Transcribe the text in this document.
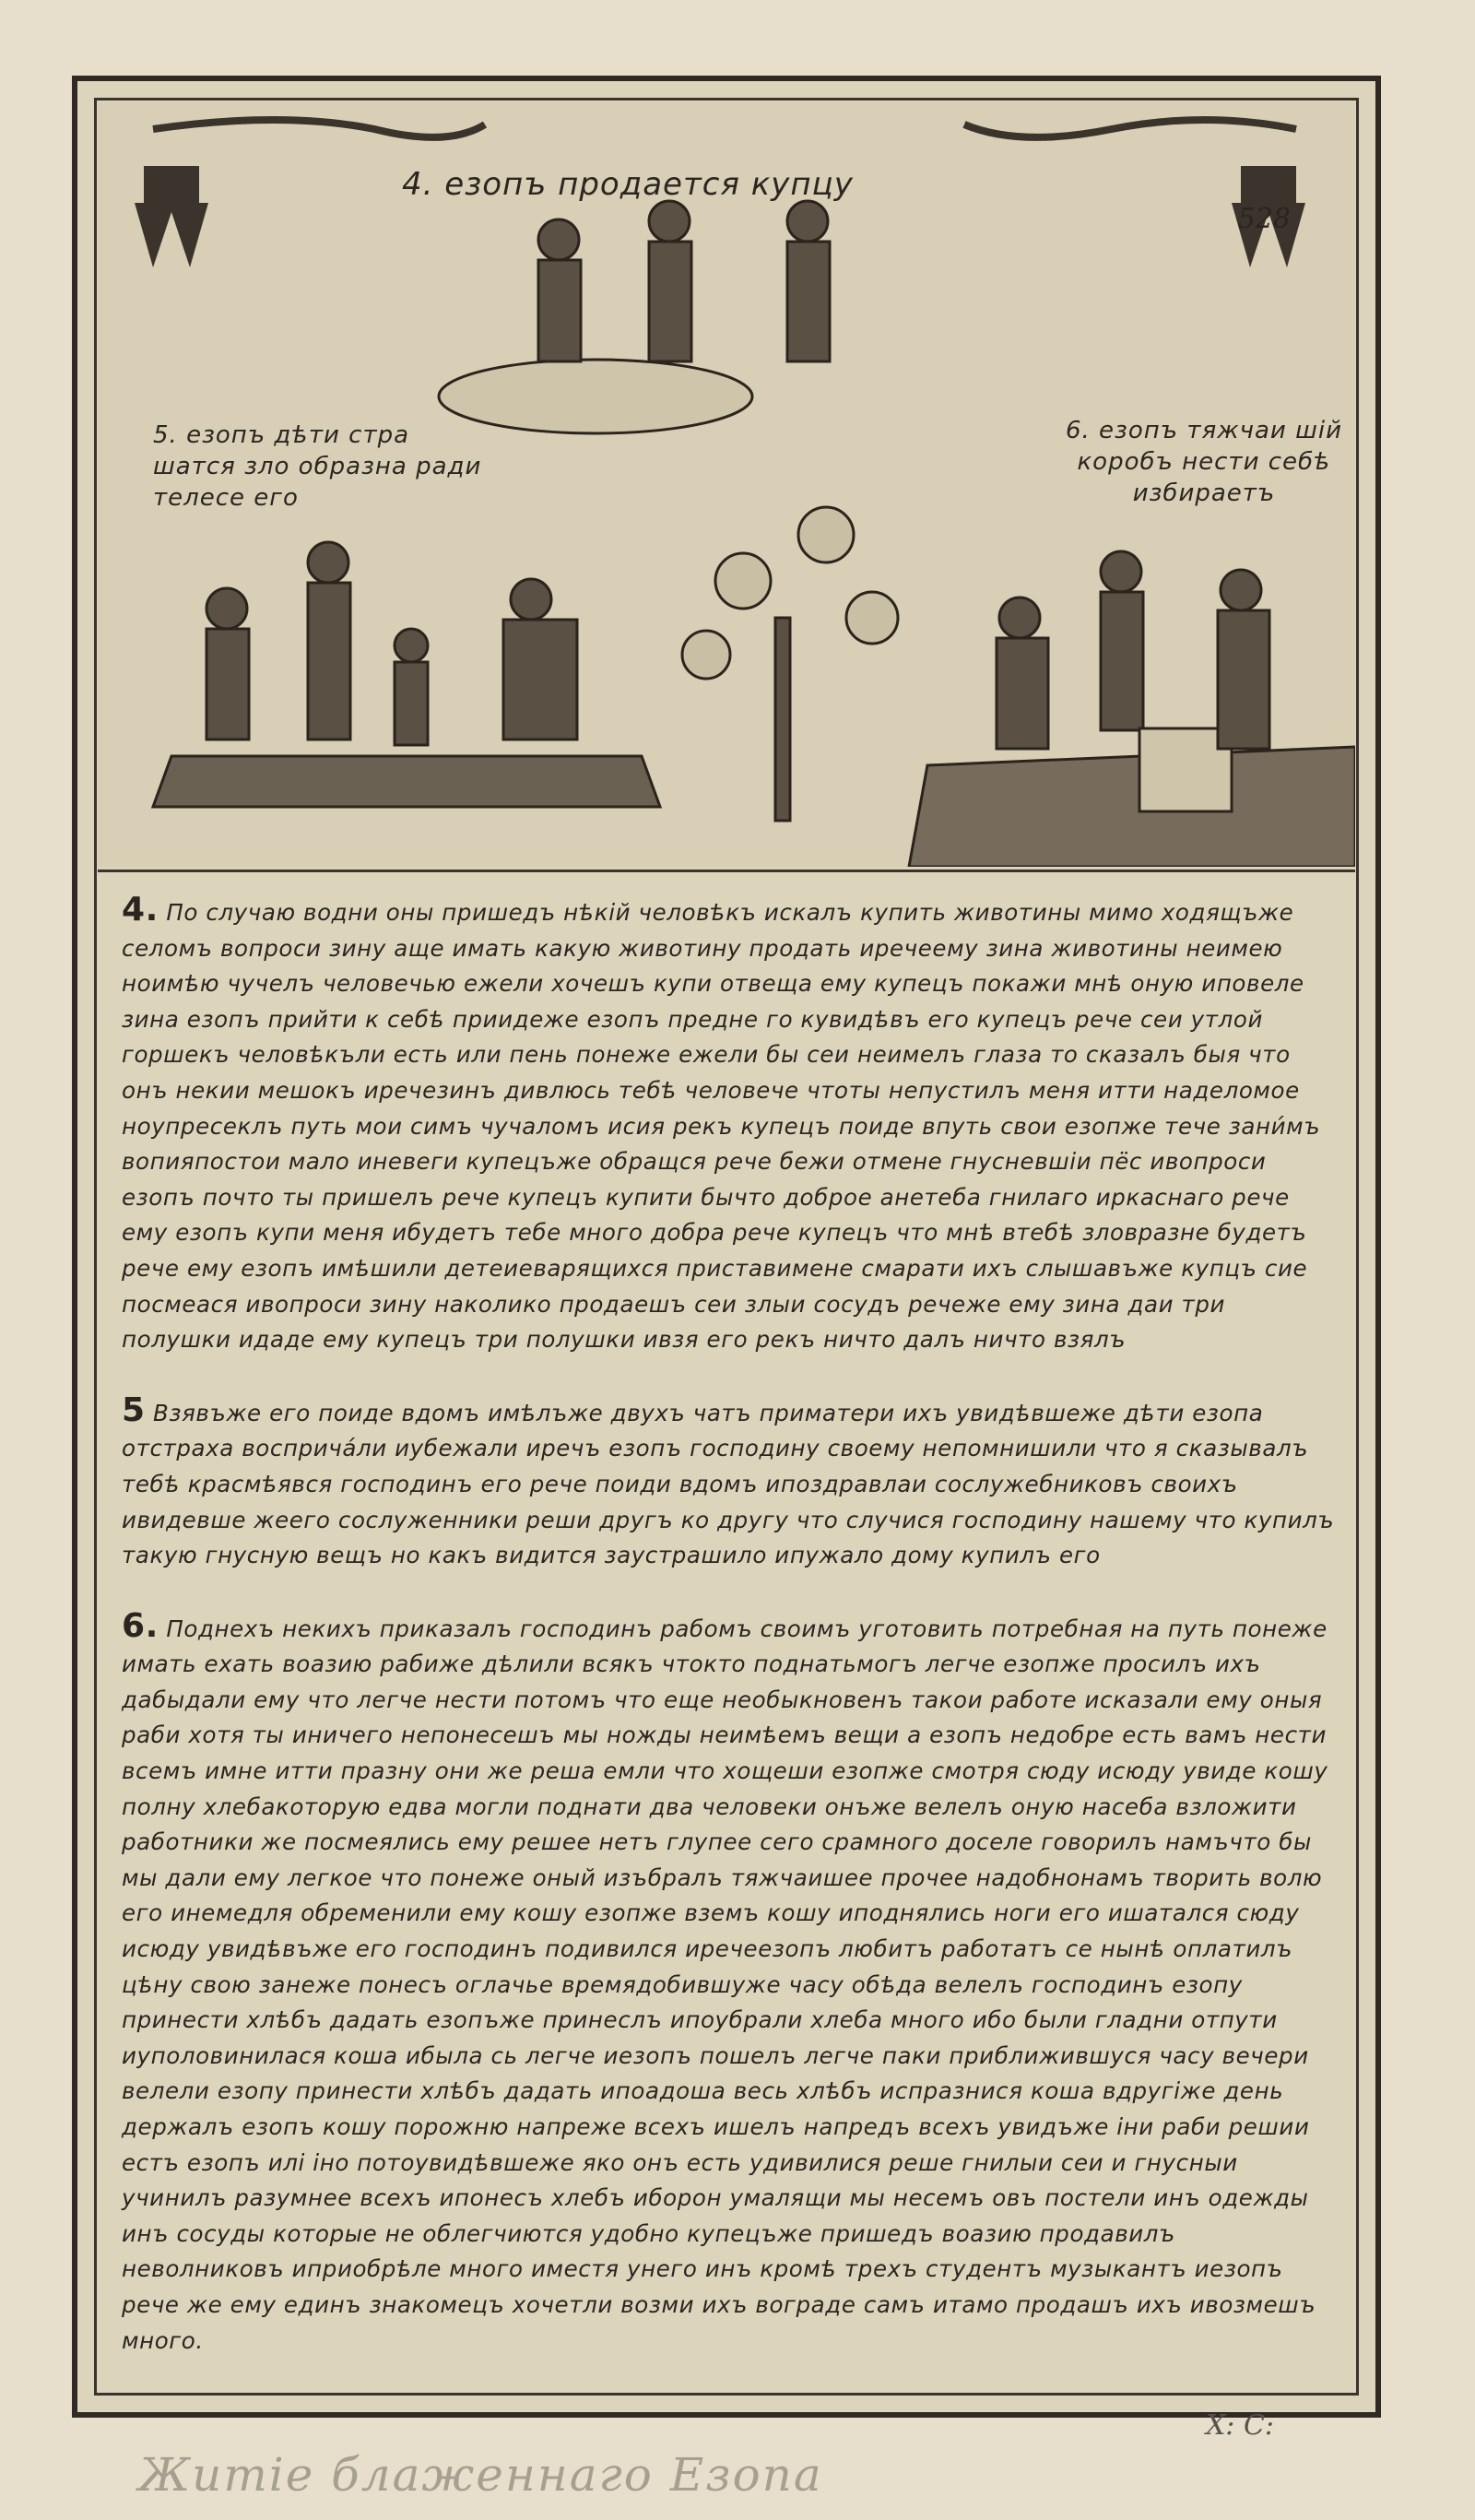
4. езопъ продается купцу
528
5. езопъ дѣти стра шатся зло образна ради телесе его
6. езопъ тяжчаи шій коробъ нести себѣ избираетъ

4. По случаю водни оны пришедъ нѣкій человѣкъ искалъ купить животины мимо ходящъже селомъ вопроси зину аще имать какую животину продать иречеему зина животины неимею ноимѣю чучелъ человечью ежели хочешъ купи отвеща ему купецъ покажи мнѣ оную иповеле зина езопъ прийти к себѣ приидеже езопъ предне го кувидѣвъ его купецъ рече сеи утлой горшекъ человѣкъли есть или пень понеже ежели бы сеи неимелъ глаза то сказалъ быя что онъ некии мешокъ иречезинъ дивлюсь тебѣ человече чтоты непустилъ меня итти наделомое ноупресеклъ путь мои симъ чучаломъ исия рекъ купецъ поиде впуть свои езопже тече зани́мъ вопияпостои мало иневеги купецъже обращся рече бежи отмене гнусневшіи пёс ивопроси езопъ почто ты пришелъ рече купецъ купити бычто доброе анетеба гнилаго иркаснаго рече ему езопъ купи меня ибудетъ тебе много добра рече купецъ что мнѣ втебѣ зловразне будетъ рече ему езопъ имѣшили детеиеварящихся приставимене смарати ихъ слышавъже купцъ сие посмеася ивопроси зину наколико продаешъ сеи злыи сосудъ речеже ему зина даи три полушки идаде ему купецъ три полушки ивзя его рекъ ничто далъ ничто взялъ

5 Взявъже его поиде вдомъ имѣлъже двухъ чатъ приматери ихъ увидѣвшеже дѣти езопа отстраха восприча́ли иубежали иречъ езопъ господину своему непомнишили что я сказывалъ тебѣ красмѣявся господинъ его рече поиди вдомъ ипоздравлаи сослужебниковъ своихъ ивидевше жеего сослуженники реши другъ ко другу что случися господину нашему что купилъ такую гнусную вещъ но какъ видится заустрашило ипужало дому купилъ его

6. Поднехъ некихъ приказалъ господинъ рабомъ своимъ уготовить потребная на путь понеже имать ехать воазию рабиже дѣлили всякъ чтокто поднатьмогъ легче езопже просилъ ихъ дабыдали ему что легче нести потомъ что еще необыкновенъ такои работе исказали ему оныя раби хотя ты иничего непонесешъ мы ножды неимѣемъ вещи а езопъ недобре есть вамъ нести всемъ имне итти празну они же реша емли что хощеши езопже смотря сюду исюду увиде кошу полну хлебакоторую едва могли поднати два человеки онъже велелъ оную насеба взложити работники же посмеялись ему решее нетъ глупее сего срамного доселе говорилъ намъчто бы мы дали ему легкое что понеже оный изъбралъ тяжчаишее прочее надобнонамъ творить волю его инемедля обременили ему кошу езопже вземъ кошу иподнялись ноги его ишатался сюду исюду увидѣвъже его господинъ подивился иречеезопъ любитъ работатъ се нынѣ оплатилъ цѣну свою занеже понесъ оглачье времядобившуже часу обѣда велелъ господинъ езопу принести хлѣбъ дадать езопъже принеслъ ипоубрали хлеба много ибо были гладни отпути иуполовинилася коша ибыла сь легче иезопъ пошелъ легче паки приближившуся часу вечери велели езопу принести хлѣбъ дадать ипоадоша весь хлѣбъ испразнися коша вдругіже день держалъ езопъ кошу порожню напреже всехъ ишелъ напредъ всехъ увидъже іни раби решии естъ езопъ илі іно потоувидѣвшеже яко онъ есть удивилися реше гнилыи сеи и гнусныи учинилъ разумнее всехъ ипонесъ хлебъ иборон умалящи мы несемъ овъ постели инъ одежды инъ сосуды которые не облегчиются удобно купецъже пришедъ воазию продавилъ неволниковъ иприобрѣле много иместя унего инъ кромѣ трехъ студентъ музыкантъ иезопъ рече же ему единъ знакомецъ хочетли возми ихъ вограде самъ итамо продашъ ихъ ивозмешъ много.

Х: С:
Житіе блаженнаго Езопа
